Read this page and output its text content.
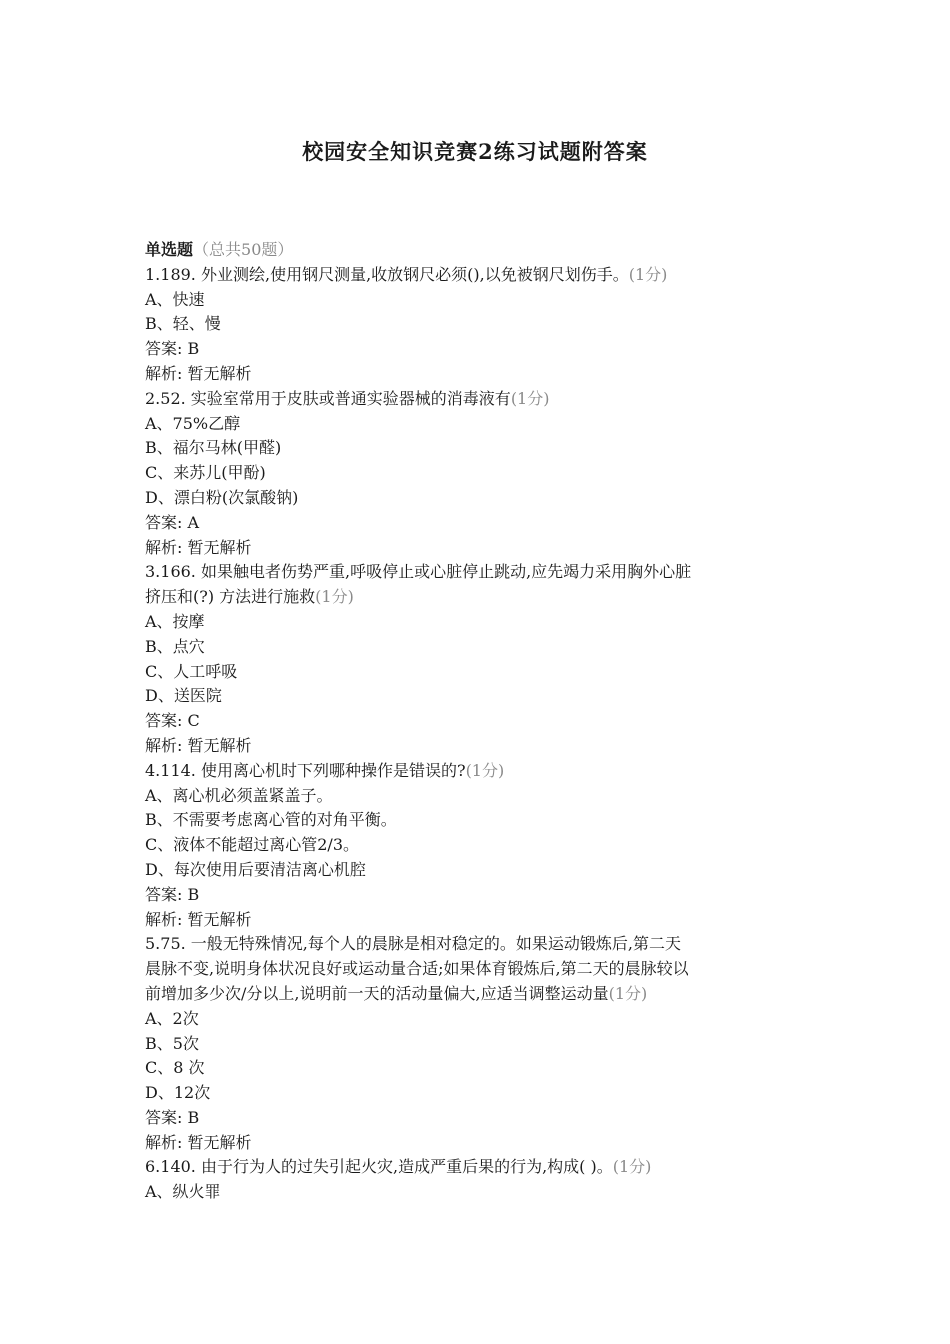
校园安全知识竞赛2练习试题附答案
单选题（总共50题）
1.189. 外业测绘,使用钢尺测量,收放钢尺必须(),以免被钢尺划伤手。(1分)
A、快速
B、轻、慢
答案: B
解析: 暂无解析
2.52. 实验室常用于皮肤或普通实验器械的消毒液有(1分)
A、75%乙醇
B、福尔马林(甲醛)
C、来苏儿(甲酚)
D、漂白粉(次氯酸钠)
答案: A
解析: 暂无解析
3.166. 如果触电者伤势严重,呼吸停止或心脏停止跳动,应先竭力采用胸外心脏
挤压和(?) 方法进行施救(1分)
A、按摩
B、点穴
C、人工呼吸
D、送医院
答案: C
解析: 暂无解析
4.114. 使用离心机时下列哪种操作是错误的?(1分)
A、离心机必须盖紧盖子。
B、不需要考虑离心管的对角平衡。
C、液体不能超过离心管2/3。
D、每次使用后要清洁离心机腔
答案: B
解析: 暂无解析
5.75. 一般无特殊情况,每个人的晨脉是相对稳定的。如果运动锻炼后,第二天
晨脉不变,说明身体状况良好或运动量合适;如果体育锻炼后,第二天的晨脉较以
前增加多少次/分以上,说明前一天的活动量偏大,应适当调整运动量(1分)
A、2次
B、5次
C、8 次
D、12次
答案: B
解析: 暂无解析
6.140. 由于行为人的过失引起火灾,造成严重后果的行为,构成( )。(1分)
A、纵火罪
